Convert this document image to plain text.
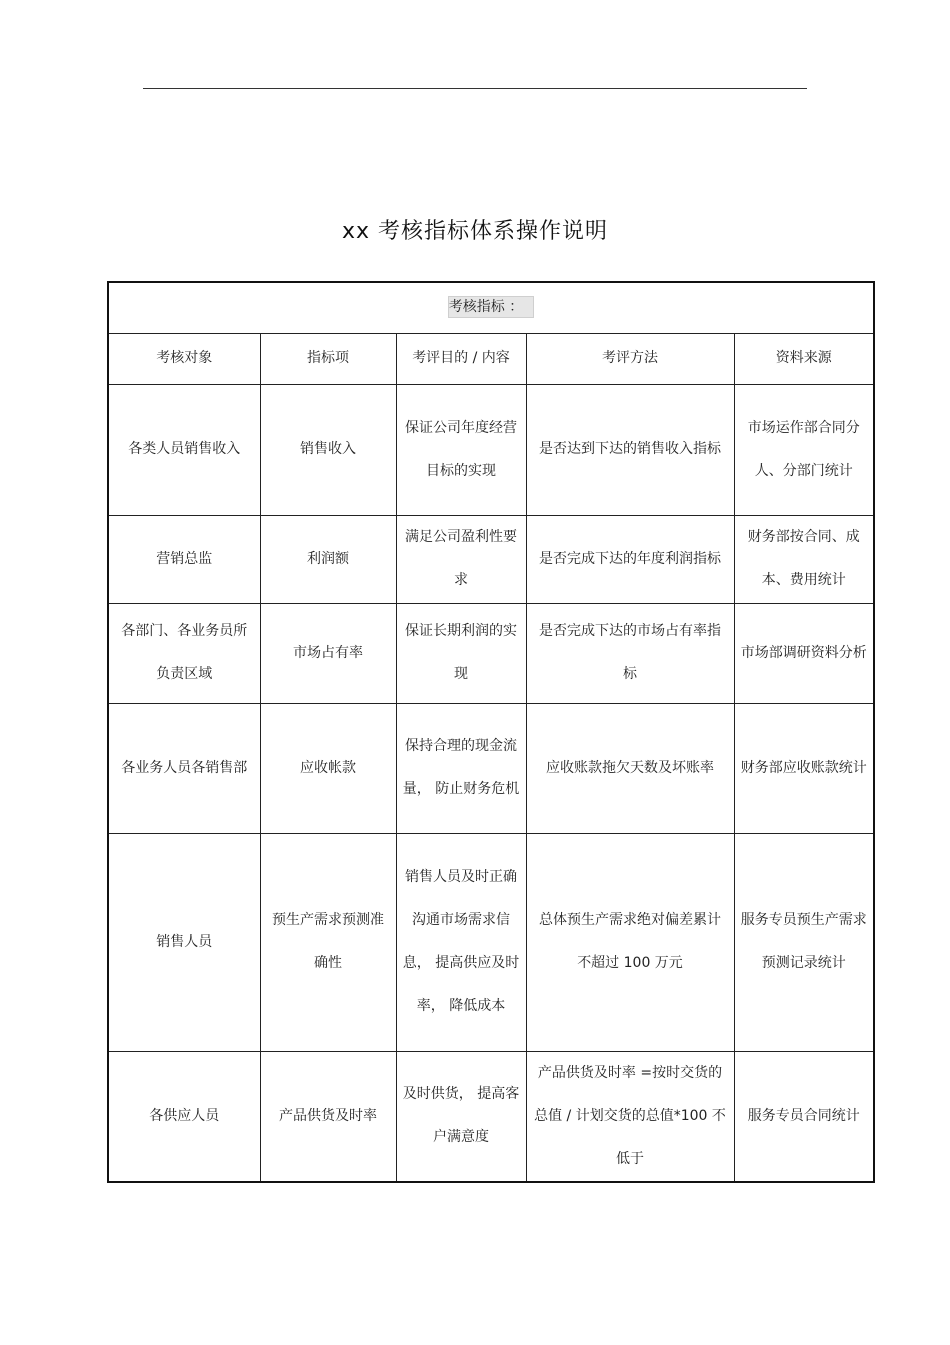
xx 考核指标体系操作说明
考核指标 ：				
考核对象	指标项	考评目的 / 内容	考评方法	资料来源
各类人员销售收入	销售收入	保证公司年度经营目标的实现	是否达到下达的销售收入指标	市场运作部合同分人、分部门统计
营销总监	利润额	满足公司盈利性要求	是否完成下达的年度利润指标	财务部按合同、成本、费用统计
各部门、各业务员所负责区域	市场占有率	保证长期利润的实现	是否完成下达的市场占有率指标	市场部调研资料分析
各业务人员各销售部	应收帐款	保持合理的现金流量， 防止财务危机	应收账款拖欠天数及坏账率	财务部应收账款统计
销售人员	预生产需求预测准确性	销售人员及时正确沟通市场需求信息， 提高供应及时率， 降低成本	总体预生产需求绝对偏差累计不超过 100 万元	服务专员预生产需求预测记录统计
各供应人员	产品供货及时率	及时供货， 提高客户满意度	产品供货及时率 =按时交货的总值 / 计划交货的总值*100 不低于	服务专员合同统计
